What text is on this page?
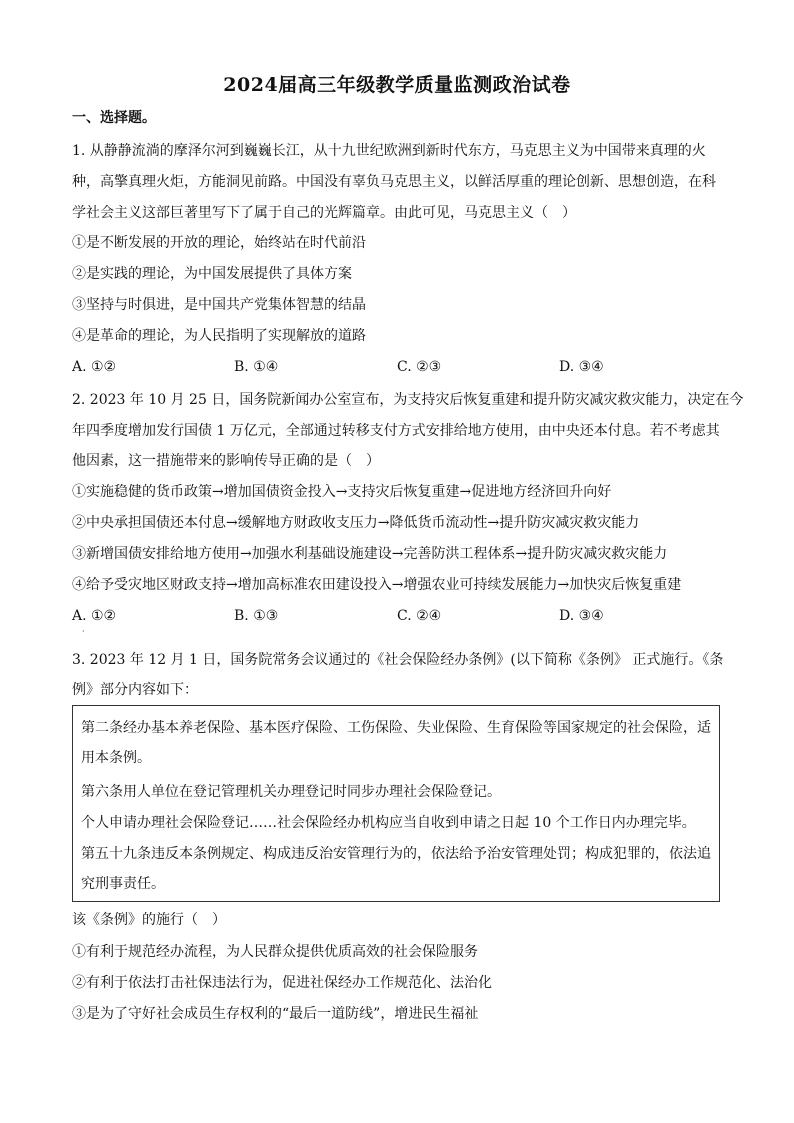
2024届高三年级教学质量监测政治试卷
一、选择题。
1. 从静静流淌的摩泽尔河到巍巍长江，从十九世纪欧洲到新时代东方，马克思主义为中国带来真理的火
种，高擎真理火炬，方能洞见前路。中国没有辜负马克思主义，以鲜活厚重的理论创新、思想创造，在科
学社会主义这部巨著里写下了属于自己的光辉篇章。由此可见，马克思主义（　）
①是不断发展的开放的理论，始终站在时代前沿
②是实践的理论，为中国发展提供了具体方案
③坚持与时俱进，是中国共产党集体智慧的结晶
④是革命的理论，为人民指明了实现解放的道路
A. ①②	B. ①④	C. ②③	D. ③④
2. 2023 年 10 月 25 日，国务院新闻办公室宣布，为支持灾后恢复重建和提升防灾减灾救灾能力，决定在今
年四季度增加发行国债 1 万亿元，全部通过转移支付方式安排给地方使用，由中央还本付息。若不考虑其
他因素，这一措施带来的影响传导正确的是（　）
①实施稳健的货币政策→增加国债资金投入→支持灾后恢复重建→促进地方经济回升向好
②中央承担国债还本付息→缓解地方财政收支压力→降低货币流动性→提升防灾减灾救灾能力
③新增国债安排给地方使用→加强水利基础设施建设→完善防洪工程体系→提升防灾减灾救灾能力
④给予受灾地区财政支持→增加高标准农田建设投入→增强农业可持续发展能力→加快灾后恢复重建
A. ①②	B. ①③	C. ②④	D. ③④
·
3. 2023 年 12 月 1 日，国务院常务会议通过的《社会保险经办条例》(以下简称《条例》 正式施行。《条
例》部分内容如下：
第二条经办基本养老保险、基本医疗保险、工伤保险、失业保险、生育保险等国家规定的社会保险，适
用本条例。
第六条用人单位在登记管理机关办理登记时同步办理社会保险登记。
个人申请办理社会保险登记……社会保险经办机构应当自收到申请之日起 10 个工作日内办理完毕。
第五十九条违反本条例规定、构成违反治安管理行为的，依法给予治安管理处罚；构成犯罪的，依法追
究刑事责任。
该《条例》的施行（　）
①有利于规范经办流程，为人民群众提供优质高效的社会保险服务
②有利于依法打击社保违法行为，促进社保经办工作规范化、法治化
③是为了守好社会成员生存权利的“最后一道防线”，增进民生福祉
